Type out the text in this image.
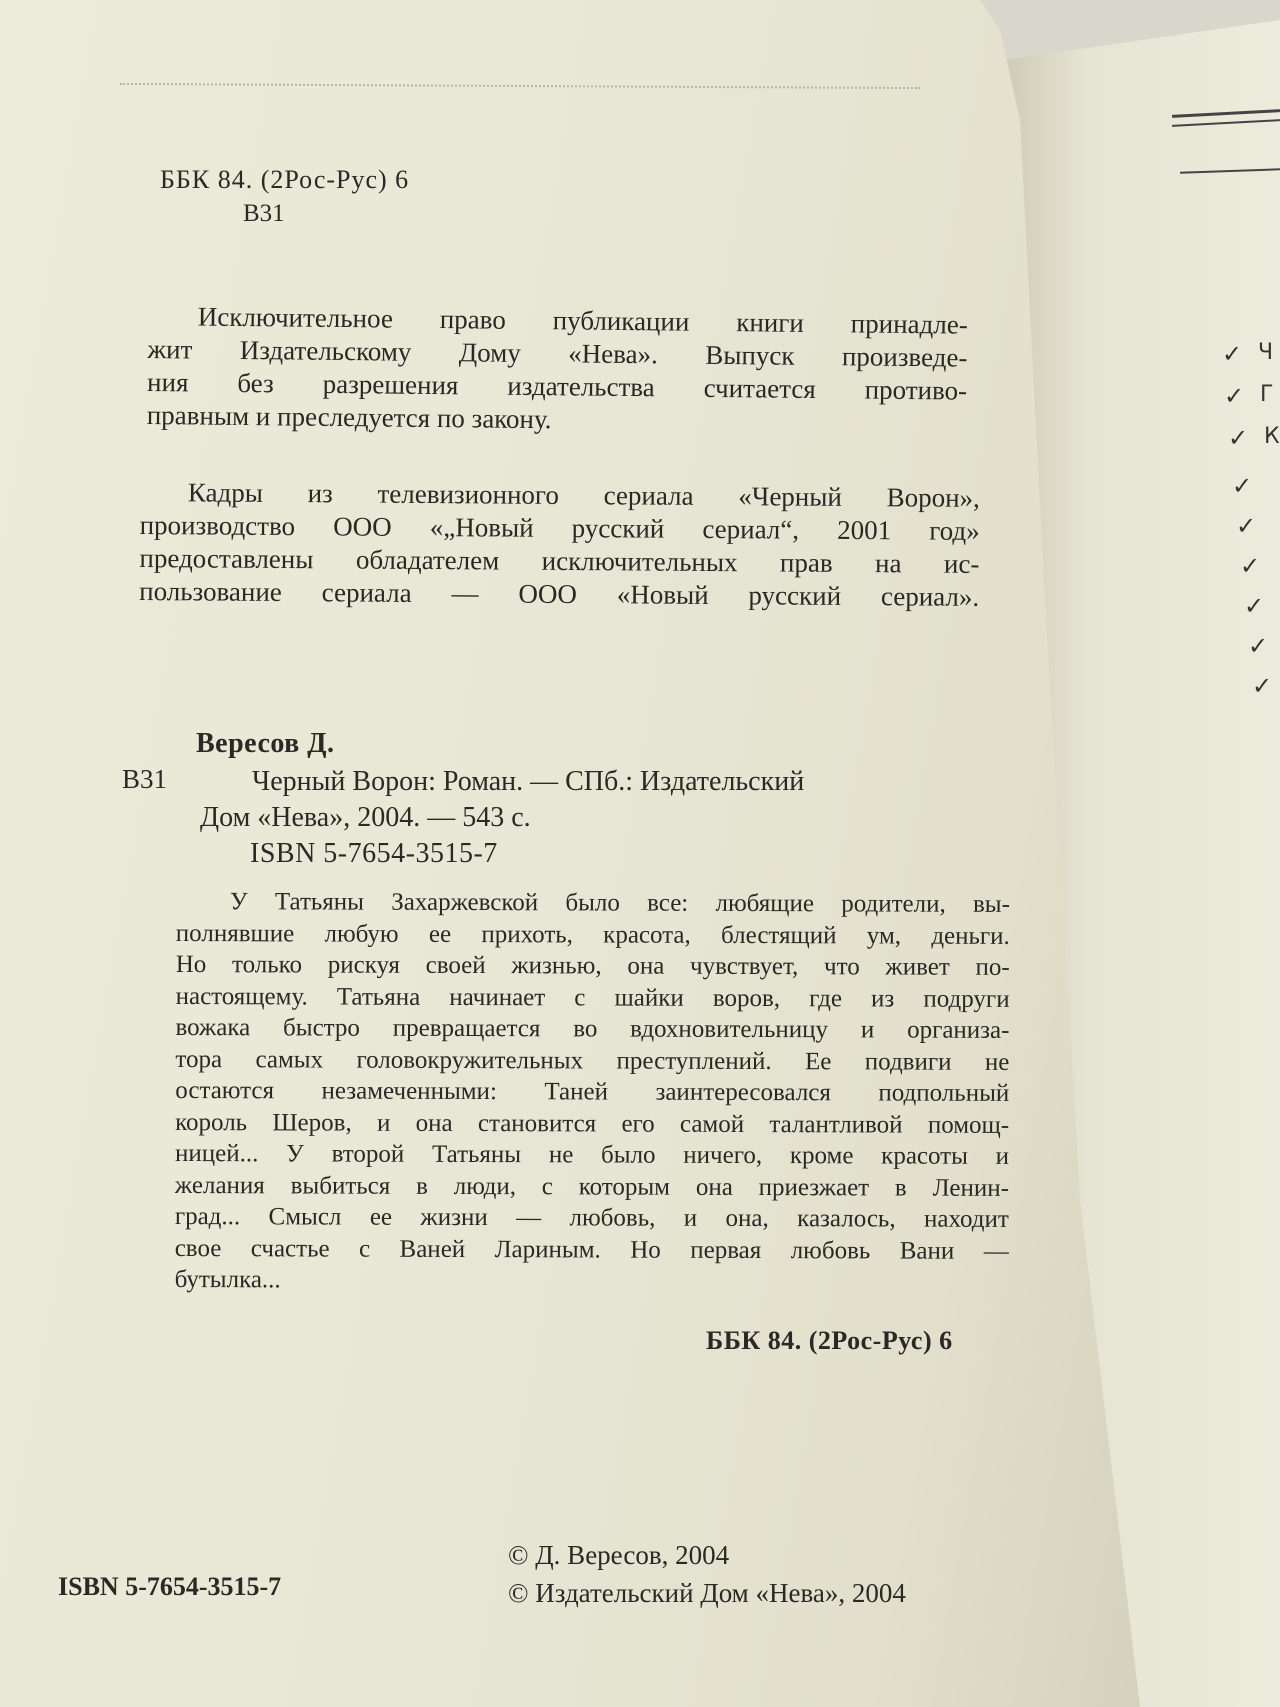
ББК 84. (2Рос-Рус) 6
В31
Исключительное право публикации книги принадле-
жит Издательскому Дому «Нева». Выпуск произведе-
ния без разрешения издательства считается противо-
правным и преследуется по закону.
Кадры из телевизионного сериала «Черный Ворон»,
производство ООО «„Новый русский сериал“, 2001 год»
предоставлены обладателем исключительных прав на ис-
пользование сериала — ООО «Новый русский сериал».
Вересов Д.
В31	Черный Ворон: Роман. — СПб.: Издательский
Дом «Нева», 2004. — 543 с.
ISBN 5-7654-3515-7
У Татьяны Захаржевской было все: любящие родители, вы-
полнявшие любую ее прихоть, красота, блестящий ум, деньги.
Но только рискуя своей жизнью, она чувствует, что живет по-
настоящему. Татьяна начинает с шайки воров, где из подруги
вожака быстро превращается во вдохновительницу и организа-
тора самых головокружительных преступлений. Ее подвиги не
остаются незамеченными: Таней заинтересовался подпольный
король Шеров, и она становится его самой талантливой помощ-
ницей... У второй Татьяны не было ничего, кроме красоты и
желания выбиться в люди, с которым она приезжает в Ленин-
град... Смысл ее жизни — любовь, и она, казалось, находит
свое счастье с Ваней Лариным. Но первая любовь Вани —
бутылка...
ББК 84. (2Рос-Рус) 6
© Д. Вересов, 2004
© Издательский Дом «Нева», 2004
ISBN 5-7654-3515-7
✓ Ч
✓ Г
✓ К
✓
✓
✓
✓
✓
✓
